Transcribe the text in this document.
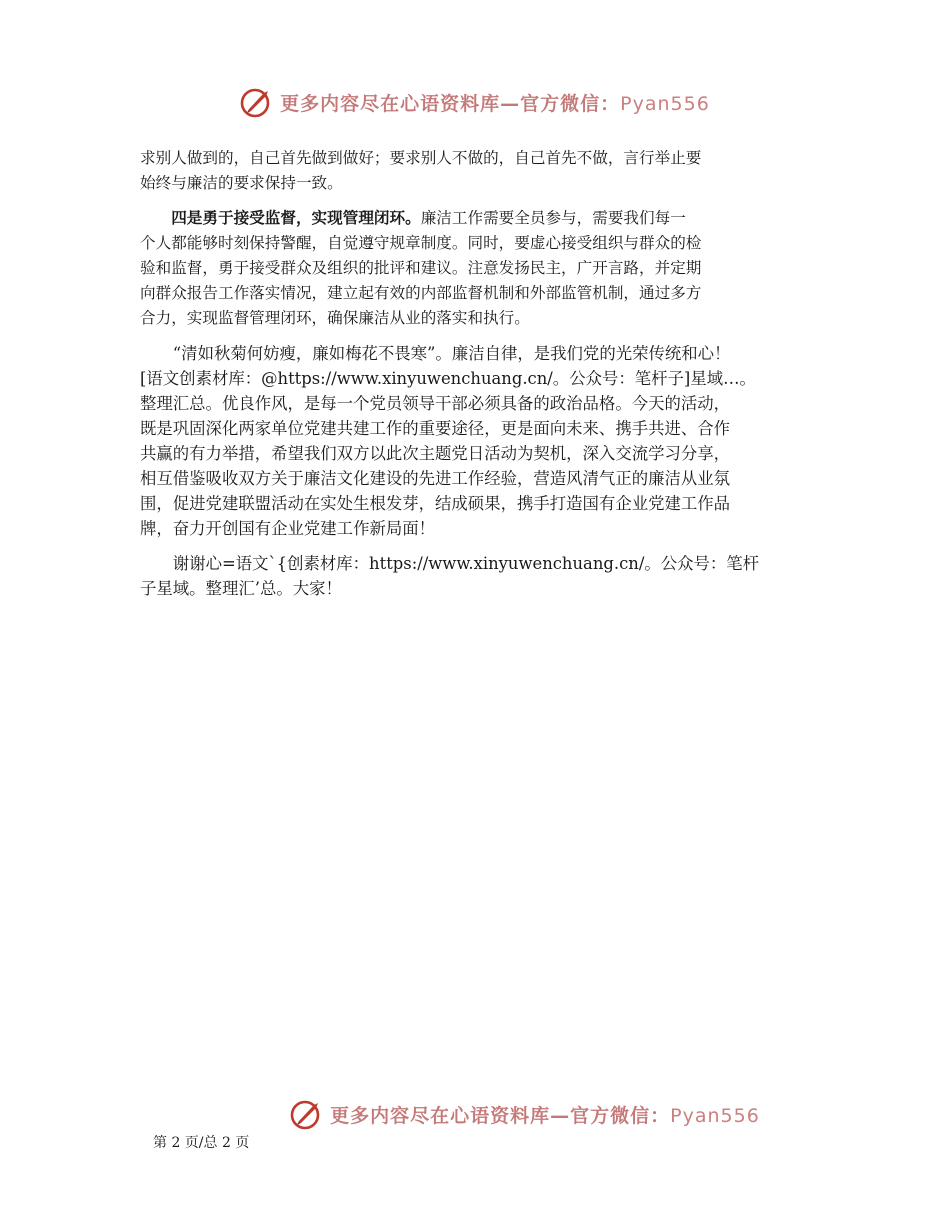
更多内容尽在心语资料库—官方微信：Pyan556

求别人做到的，自己首先做到做好；要求别人不做的，自己首先不做，言行举止要
始终与廉洁的要求保持一致。

四是勇于接受监督，实现管理闭环。廉洁工作需要全员参与，需要我们每一
个人都能够时刻保持警醒，自觉遵守规章制度。同时，要虚心接受组织与群众的检
验和监督，勇于接受群众及组织的批评和建议。注意发扬民主，广开言路，并定期
向群众报告工作落实情况，建立起有效的内部监督机制和外部监管机制，通过多方
合力，实现监督管理闭环，确保廉洁从业的落实和执行。

“清如秋菊何妨瘦，廉如梅花不畏寒”。廉洁自律，是我们党的光荣传统和心！
[语文创素材库：@https://www.xinyuwenchuang.cn/。公众号：笔杆子]星域…。
整理汇总。优良作风，是每一个党员领导干部必须具备的政治品格。今天的活动，
既是巩固深化两家单位党建共建工作的重要途径，更是面向未来、携手共进、合作
共赢的有力举措，希望我们双方以此次主题党日活动为契机，深入交流学习分享，
相互借鉴吸收双方关于廉洁文化建设的先进工作经验，营造风清气正的廉洁从业氛
围，促进党建联盟活动在实处生根发芽，结成硕果，携手打造国有企业党建工作品
牌，奋力开创国有企业党建工作新局面！

谢谢心=语文`{创素材库：https://www.xinyuwenchuang.cn/。公众号：笔杆
子星域。整理汇’总。大家！

更多内容尽在心语资料库—官方微信：Pyan556
第 2 页/总 2 页
